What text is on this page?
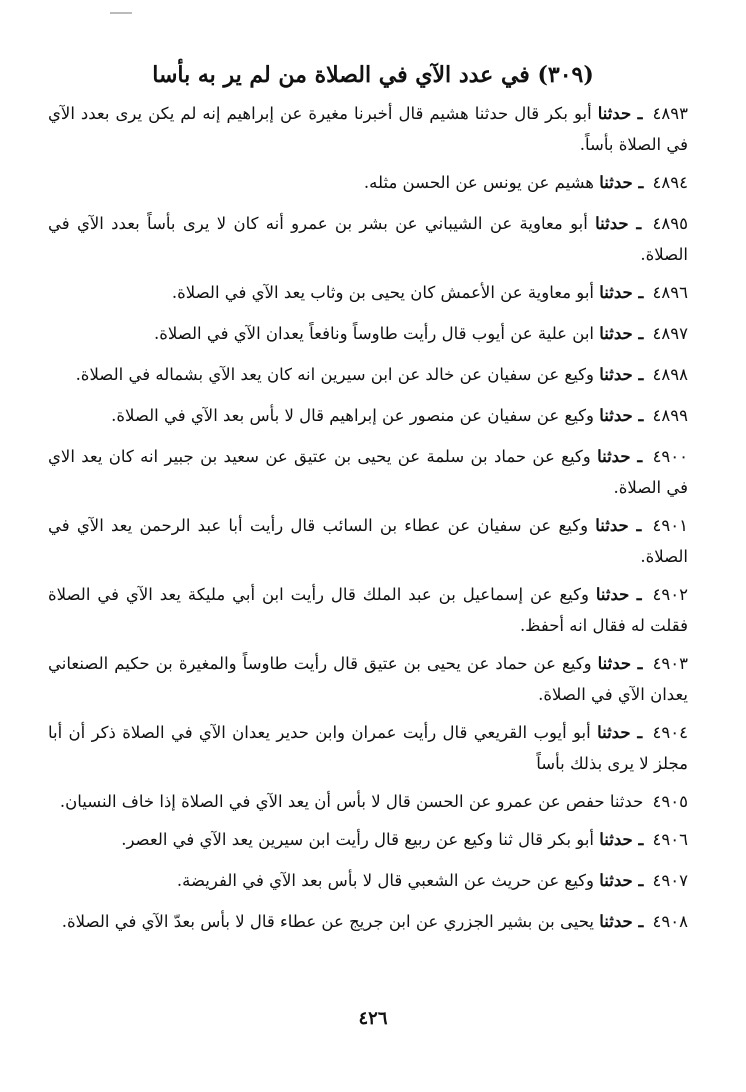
(٣٠٩) في عدد الآي في الصلاة من لم ير به بأسا

٤٨٩٣ ـ حدثنا أبو بكر قال حدثنا هشيم قال أخبرنا مغيرة عن إبراهيم إنه لم يكن يرى بعدد الآي في الصلاة بأساً.

٤٨٩٤ ـ حدثنا هشيم عن يونس عن الحسن مثله.

٤٨٩٥ ـ حدثنا أبو معاوية عن الشيباني عن بشر بن عمرو أنه كان لا يرى بأساً بعدد الآي في الصلاة.

٤٨٩٦ ـ حدثنا أبو معاوية عن الأعمش كان يحيى بن وثاب يعد الآي في الصلاة.

٤٨٩٧ ـ حدثنا ابن علية عن أيوب قال رأيت طاوساً ونافعاً يعدان الآي في الصلاة.

٤٨٩٨ ـ حدثنا وكيع عن سفيان عن خالد عن ابن سيرين انه كان يعد الآي بشماله في الصلاة.

٤٨٩٩ ـ حدثنا وكيع عن سفيان عن منصور عن إبراهيم قال لا بأس بعد الآي في الصلاة.

٤٩٠٠ ـ حدثنا وكيع عن حماد بن سلمة عن يحيى بن عتيق عن سعيد بن جبير انه كان يعد الاي في الصلاة.

٤٩٠١ ـ حدثنا وكيع عن سفيان عن عطاء بن السائب قال رأيت أبا عبد الرحمن يعد الآي في الصلاة.

٤٩٠٢ ـ حدثنا وكيع عن إسماعيل بن عبد الملك قال رأيت ابن أبي مليكة يعد الآي في الصلاة فقلت له فقال انه أحفظ.

٤٩٠٣ ـ حدثنا وكيع عن حماد عن يحيى بن عتيق قال رأيت طاوساً والمغيرة بن حكيم الصنعاني يعدان الآي في الصلاة.

٤٩٠٤ ـ حدثنا أبو أيوب القريعي قال رأيت عمران وابن حدير يعدان الآي في الصلاة ذكر أن أبا مجلز لا يرى بذلك بأساً

٤٩٠٥ حدثنا حفص عن عمرو عن الحسن قال لا بأس أن يعد الآي في الصلاة إذا خاف النسيان.

٤٩٠٦ ـ حدثنا أبو بكر قال ثنا وكيع عن ربيع قال رأيت ابن سيرين يعد الآي في العصر.

٤٩٠٧ ـ حدثنا وكيع عن حريث عن الشعبي قال لا بأس بعد الآي في الفريضة.

٤٩٠٨ ـ حدثنا يحيى بن بشير الجزري عن ابن جريج عن عطاء قال لا بأس بعدّ الآي في الصلاة.

٤٢٦
